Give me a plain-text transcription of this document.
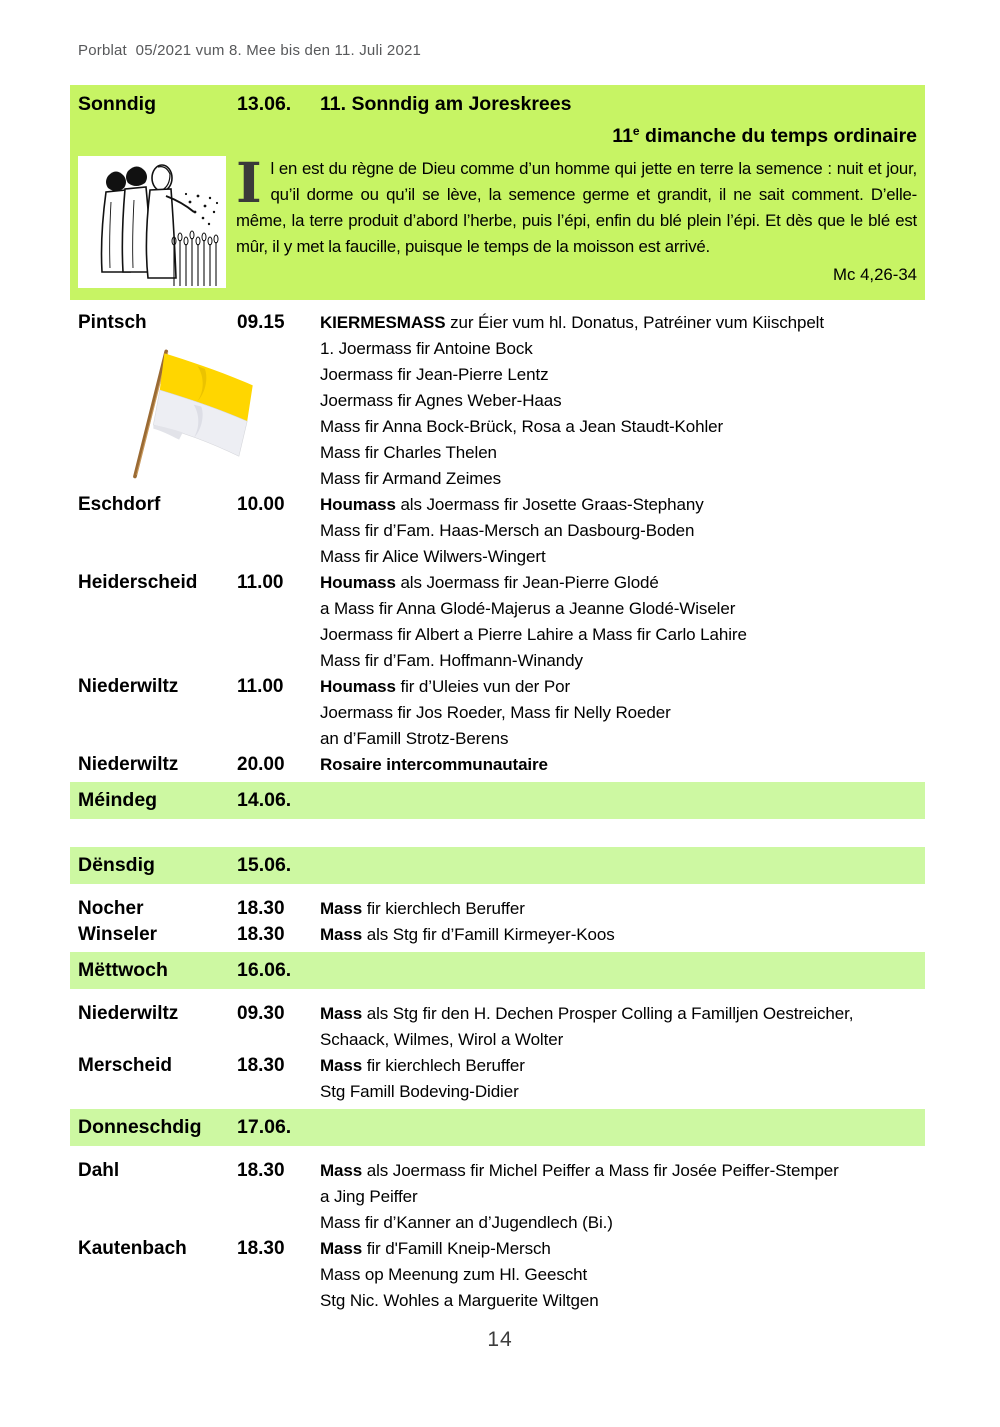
Porblat  05/2021 vum 8. Mee bis den 11. Juli 2021
Sonndig	13.06.	11. Sonndig am Joreskrees
11e dimanche du temps ordinaire
Il en est du règne de Dieu comme d’un homme qui jette en terre la semence : nuit et jour, qu’il dorme ou qu’il se lève, la semence germe et grandit, il ne sait comment. D’elle-même, la terre produit d’abord l’herbe, puis l’épi, enfin du blé plein l’épi. Et dès que le blé est mûr, il y met la faucille, puisque le temps de la moisson est arrivé.
Mc 4,26-34
Pintsch	09.15	KIERMESMASS zur Éier vum hl. Donatus, Patréiner vum Kiischpelt
1. Joermass fir Antoine Bock
Joermass fir Jean-Pierre Lentz
Joermass fir Agnes Weber-Haas
Mass fir Anna Bock-Brück, Rosa a Jean Staudt-Kohler
Mass fir Charles Thelen
Mass fir Armand Zeimes
Eschdorf	10.00	Houmass als Joermass fir Josette Graas-Stephany
Mass fir d’Fam. Haas-Mersch an Dasbourg-Boden
Mass fir Alice Wilwers-Wingert
Heiderscheid	11.00	Houmass als Joermass fir Jean-Pierre Glodé
a Mass fir Anna Glodé-Majerus a Jeanne Glodé-Wiseler
Joermass fir Albert a Pierre Lahire a Mass fir Carlo Lahire
Mass fir d’Fam. Hoffmann-Winandy
Niederwiltz	11.00	Houmass fir d’Uleies vun der Por
Joermass fir Jos Roeder, Mass fir Nelly Roeder
an d’Famill Strotz-Berens
Niederwiltz	20.00	Rosaire intercommunautaire
Méindeg	14.06.
Dënsdig	15.06.
Nocher	18.30	Mass fir kierchlech Beruffer
Winseler	18.30	Mass als Stg fir d’Famill Kirmeyer-Koos
Mëttwoch	16.06.
Niederwiltz	09.30	Mass als Stg fir den H. Dechen Prosper Colling a Familljen Oestreicher,
Schaack, Wilmes, Wirol a Wolter
Merscheid	18.30	Mass fir kierchlech Beruffer
Stg Famill Bodeving-Didier
Donneschdig	17.06.
Dahl	18.30	Mass als Joermass fir Michel Peiffer a Mass fir Josée Peiffer-Stemper
a Jing Peiffer
Mass fir d’Kanner an d’Jugendlech (Bi.)
Kautenbach	18.30	Mass fir d'Famill Kneip-Mersch
Mass op Meenung zum Hl. Geescht
Stg Nic. Wohles a Marguerite Wiltgen
14
